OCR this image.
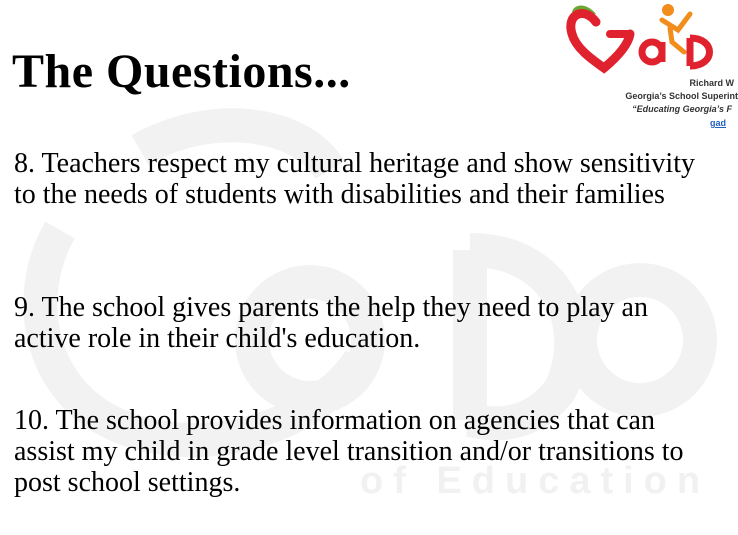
of Education
Richard W
Georgia’s School Superint
“Educating Georgia’s F
gad
The Questions...
8. Teachers respect my cultural heritage and show sensitivity to the needs of students with disabilities and their families
9. The school gives parents the help they need to play an active role in their child's education.
10. The school provides information on agencies that can assist my child in grade level transition and/or transitions to post school settings.
